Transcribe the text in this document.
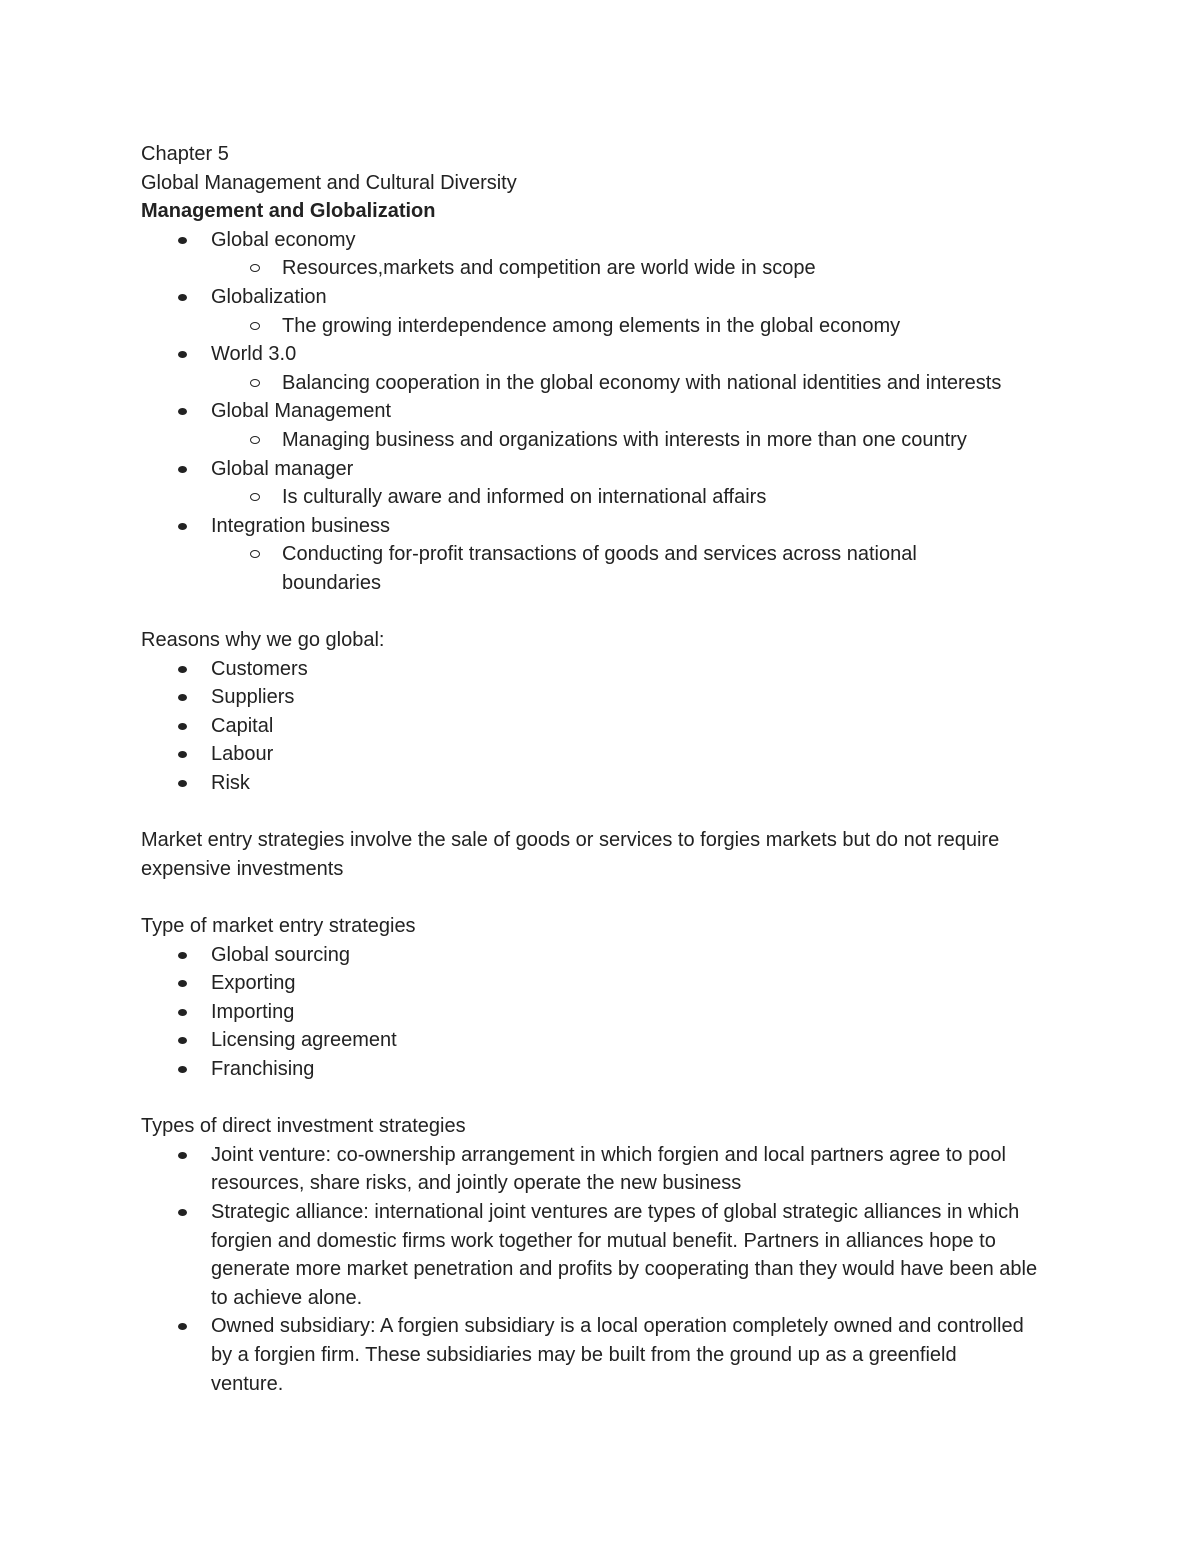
Chapter 5
Global Management and Cultural Diversity
Management and Globalization
Global economy
Resources,markets and competition are world wide in scope
Globalization
The growing interdependence among elements in the global economy
World 3.0
Balancing cooperation in the global economy with national identities and interests
Global Management
Managing business and organizations with interests in more than one country
Global manager
Is culturally aware and informed on international affairs
Integration business
Conducting for-profit transactions of goods and services across national boundaries
Reasons why we go global:
Customers
Suppliers
Capital
Labour
Risk
Market entry strategies involve the sale of goods or services to forgies markets but do not require expensive investments
Type of market entry strategies
Global sourcing
Exporting
Importing
Licensing agreement
Franchising
Types of direct investment strategies
Joint venture: co-ownership arrangement in which forgien and local partners agree to pool resources, share risks, and jointly operate the new business
Strategic alliance: international joint ventures are types of global strategic alliances in which forgien and domestic firms work together for mutual benefit. Partners in alliances hope to generate more market penetration and profits by cooperating than they would have been able to achieve alone.
Owned subsidiary: A forgien subsidiary is a local operation completely owned and controlled by a forgien firm. These subsidiaries may be built from the ground up as a greenfield venture.
